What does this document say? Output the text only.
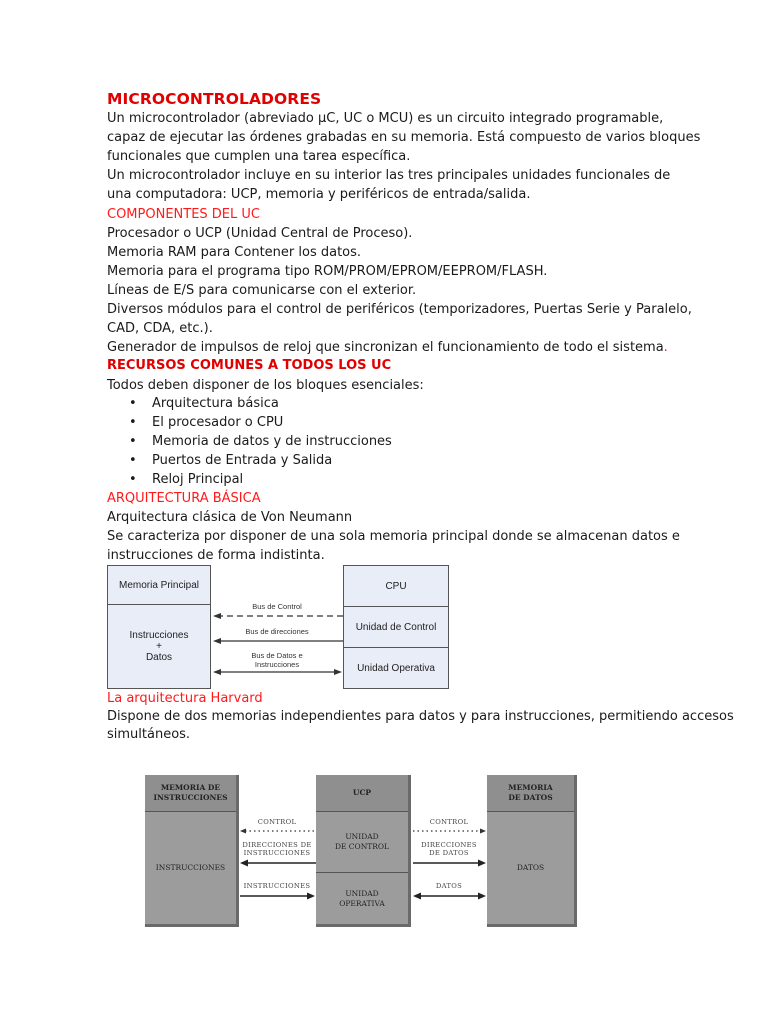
MICROCONTROLADORES
Un microcontrolador (abreviado µC, UC o MCU) es un circuito integrado programable,
capaz de ejecutar las órdenes grabadas en su memoria. Está compuesto de varios bloques
funcionales que cumplen una tarea específica.
Un microcontrolador incluye en su interior las tres principales unidades funcionales de
una computadora: UCP, memoria y periféricos de entrada/salida.
COMPONENTES DEL UC
Procesador o UCP (Unidad Central de Proceso).
Memoria RAM para Contener los datos.
Memoria para el programa tipo ROM/PROM/EPROM/EEPROM/FLASH.
Líneas de E/S para comunicarse con el exterior.
Diversos módulos para el control de periféricos (temporizadores, Puertas Serie y Paralelo,
CAD, CDA, etc.).
Generador de impulsos de reloj que sincronizan el funcionamiento de todo el sistema.
RECURSOS COMUNES A TODOS LOS UC
Todos deben disponer de los bloques esenciales:
• Arquitectura básica
• El procesador o CPU
• Memoria de datos y de instrucciones
• Puertos de Entrada y Salida
• Reloj Principal
ARQUITECTURA BÁSICA
Arquitectura clásica de Von Neumann
Se caracteriza por disponer de una sola memoria principal donde se almacenan datos e
instrucciones de forma indistinta.
Memoria Principal
Instrucciones
+
Datos
CPU
Unidad de Control
Unidad Operativa
Bus de Control
Bus de direcciones
Bus de Datos e
Instrucciones
La arquitectura Harvard
Dispone de dos memorias independientes para datos y para instrucciones, permitiendo accesos
simultáneos.
MEMORIA DE
INSTRUCCIONES
INSTRUCCIONES
UCP
UNIDAD
DE CONTROL
UNIDAD
OPERATIVA
MEMORIA
DE DATOS
DATOS
CONTROL
DIRECCIONES DE
INSTRUCCIONES
INSTRUCCIONES
CONTROL
DIRECCIONES
DE DATOS
DATOS
